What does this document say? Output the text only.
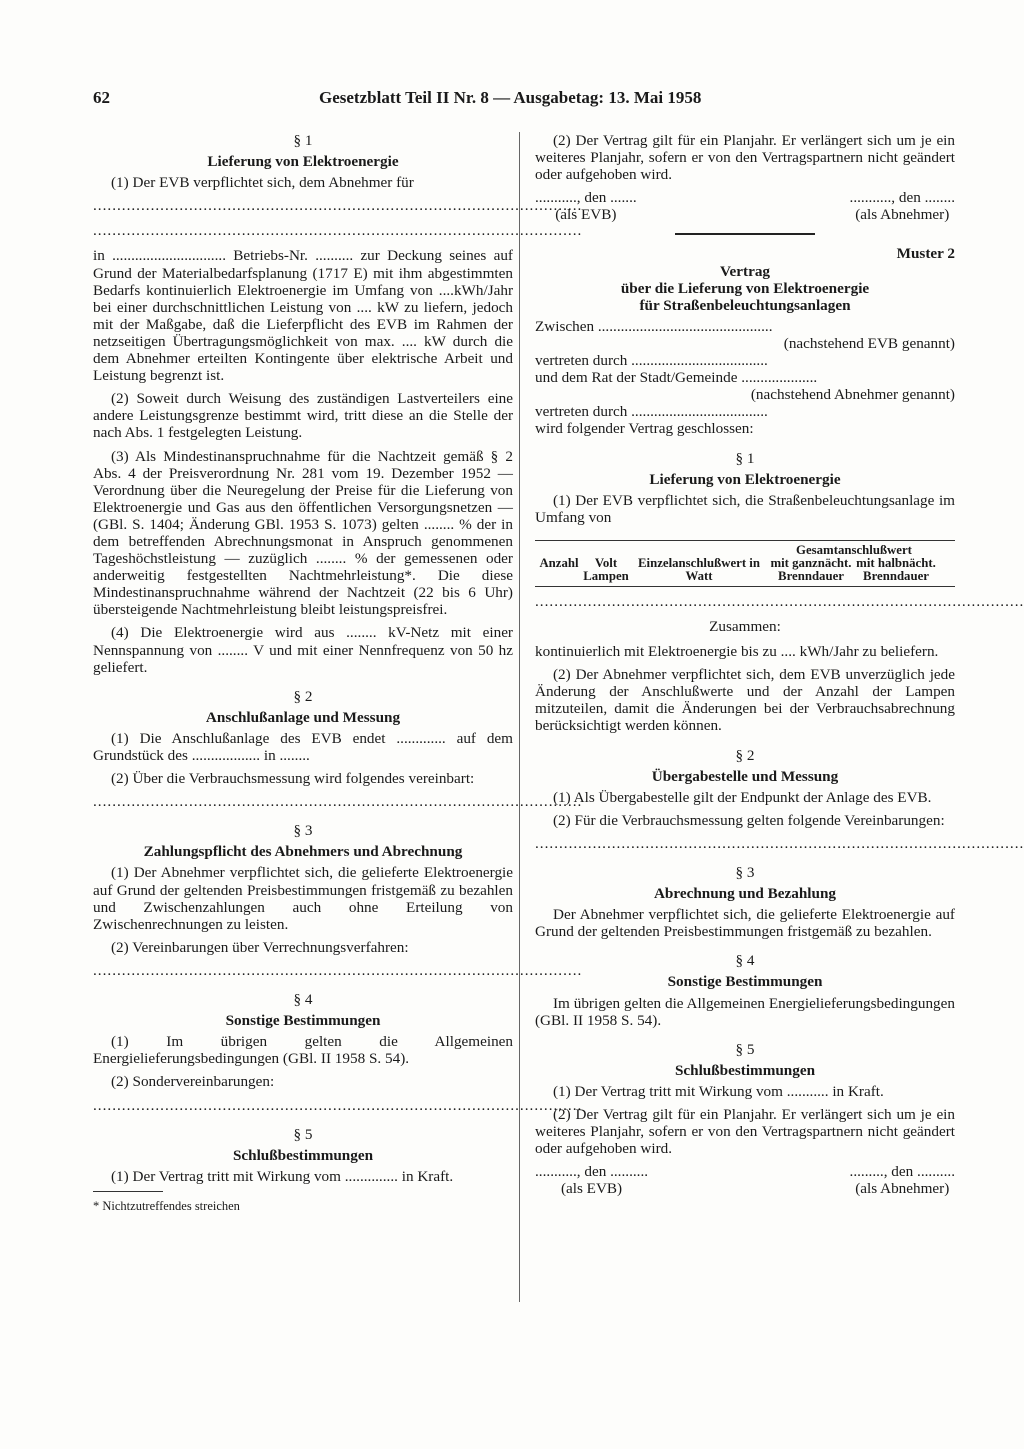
62	Gesetzblatt Teil II Nr. 8 — Ausgabetag: 13. Mai 1958
§ 1
Lieferung von Elektroenergie

(1) Der EVB verpflichtet sich, dem Abnehmer für

......................................................................................................
......................................................................................................

in .............................. Betriebs-Nr. .......... zur Deckung seines auf Grund der Materialbedarfsplanung (1717 E) mit ihm abgestimmten Bedarfs kontinuierlich Elektroenergie im Umfang von ....kWh/Jahr bei einer durchschnittlichen Leistung von .... kW zu liefern, jedoch mit der Maßgabe, daß die Lieferpflicht des EVB im Rahmen der netzseitigen Übertragungsmöglichkeit von max. .... kW durch die dem Abnehmer erteilten Kontingente über elektrische Arbeit und Leistung begrenzt ist.

(2) Soweit durch Weisung des zuständigen Lastverteilers eine andere Leistungsgrenze bestimmt wird, tritt diese an die Stelle der nach Abs. 1 festgelegten Leistung.

(3) Als Mindestinanspruchnahme für die Nachtzeit gemäß § 2 Abs. 4 der Preisverordnung Nr. 281 vom 19. Dezember 1952 — Verordnung über die Neuregelung der Preise für die Lieferung von Elektroenergie und Gas aus den öffentlichen Versorgungsnetzen — (GBl. S. 1404; Änderung GBl. 1953 S. 1073) gelten ........ % der in dem betreffenden Abrechnungsmonat in Anspruch genommenen Tageshöchstleistung — zuzüglich ........ % der gemessenen oder anderweitig festgestellten Nachtmehrleistung*. Die diese Mindestinanspruchnahme während der Nachtzeit (22 bis 6 Uhr) übersteigende Nachtmehrleistung bleibt leistungspreisfrei.

(4) Die Elektroenergie wird aus ........ kV-Netz mit einer Nennspannung von ........ V und mit einer Nennfrequenz von 50 hz geliefert.

§ 2
Anschlußanlage und Messung

(1) Die Anschlußanlage des EVB endet ............. auf dem Grundstück des .................. in ........

(2) Über die Verbrauchsmessung wird folgendes vereinbart:

......................................................................................................
§ 3
Zahlungspflicht des Abnehmers und Abrechnung

(1) Der Abnehmer verpflichtet sich, die gelieferte Elektroenergie auf Grund der geltenden Preisbestimmungen fristgemäß zu bezahlen und Zwischenzahlungen auch ohne Erteilung von Zwischenrechnungen zu leisten.

(2) Vereinbarungen über Verrechnungsverfahren:

......................................................................................................
§ 4
Sonstige Bestimmungen

(1) Im übrigen gelten die Allgemeinen Energielieferungsbedingungen (GBl. II 1958 S. 54).

(2) Sondervereinbarungen:

......................................................................................................
§ 5
Schlußbestimmungen

(1) Der Vertrag tritt mit Wirkung vom .............. in Kraft.

* Nichtzutreffendes streichen

(2) Der Vertrag gilt für ein Planjahr. Er verlängert sich um je ein weiteres Planjahr, sofern er von den Vertragspartnern nicht geändert oder aufgehoben wird.

..........., den .......
(als EVB)
..........., den ........
(als Abnehmer)
Muster 2
Vertrag
über die Lieferung von Elektroenergie
für Straßenbeleuchtungsanlagen
Zwischen ..............................................
(nachstehend EVB genannt)
vertreten durch ....................................
und dem Rat der Stadt/Gemeinde ....................
(nachstehend Abnehmer genannt)
vertreten durch ....................................
wird folgender Vertrag geschlossen:
§ 1
Lieferung von Elektroenergie

(1) Der EVB verpflichtet sich, die Straßenbeleuchtungsanlage im Umfang von

Gesamtanschlußwert
Anzahl	Volt Lampen
Einzelanschlußwert in Watt
mit ganznächt. Brenndauer
mit halbnächt. Brenndauer
......................................................................................................
Zusammen:

kontinuierlich mit Elektroenergie bis zu .... kWh/Jahr zu beliefern.

(2) Der Abnehmer verpflichtet sich, dem EVB unverzüglich jede Änderung der Anschlußwerte und der Anzahl der Lampen mitzuteilen, damit die Änderungen bei der Verbrauchsabrechnung berücksichtigt werden können.

§ 2
Übergabestelle und Messung

(1) Als Übergabestelle gilt der Endpunkt der Anlage des EVB.

(2) Für die Verbrauchsmessung gelten folgende Vereinbarungen:

......................................................................................................
§ 3
Abrechnung und Bezahlung

Der Abnehmer verpflichtet sich, die gelieferte Elektroenergie auf Grund der geltenden Preisbestimmungen fristgemäß zu bezahlen.

§ 4
Sonstige Bestimmungen

Im übrigen gelten die Allgemeinen Energielieferungsbedingungen (GBl. II 1958 S. 54).

§ 5
Schlußbestimmungen

(1) Der Vertrag tritt mit Wirkung vom ........... in Kraft.

(2) Der Vertrag gilt für ein Planjahr. Er verlängert sich um je ein weiteres Planjahr, sofern er von den Vertragspartnern nicht geändert oder aufgehoben wird.

..........., den ..........
(als EVB)
........., den ..........
(als Abnehmer)
